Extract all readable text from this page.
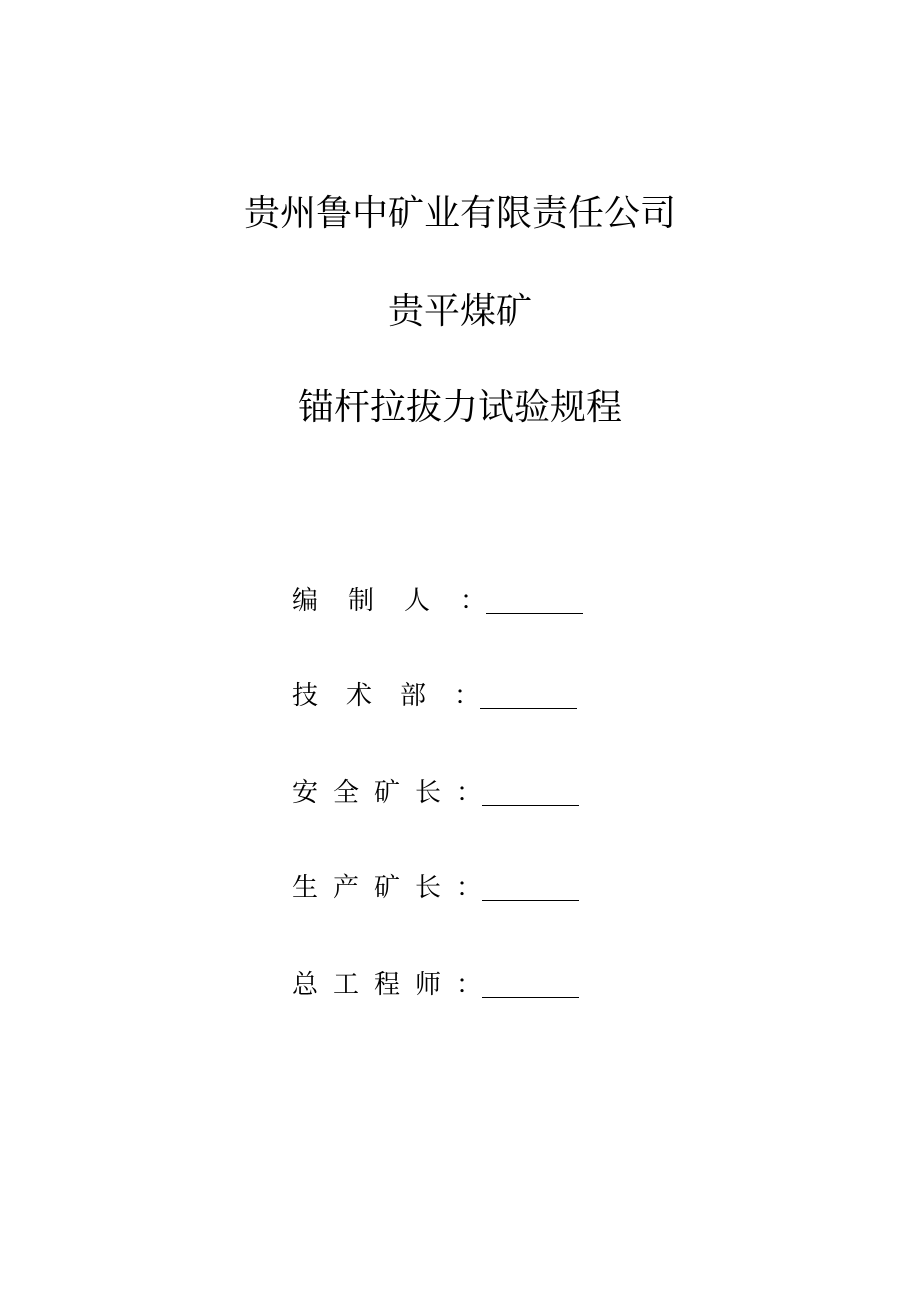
贵州鲁中矿业有限责任公司
贵平煤矿
锚杆拉拔力试验规程
编制人：
技术部：
安全矿长：
生产矿长：
总工程师：
